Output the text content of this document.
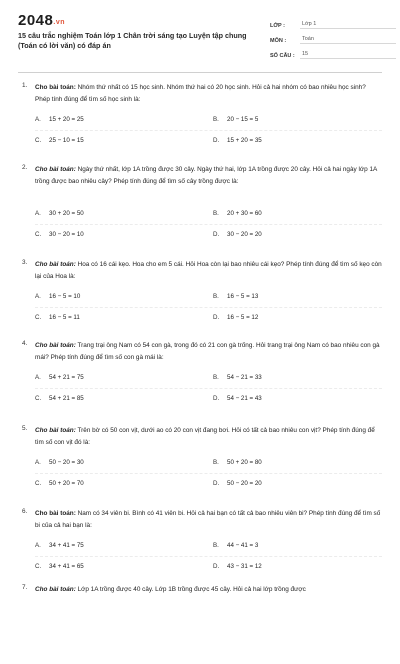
2048.vn
15 câu trắc nghiệm Toán lớp 1 Chân trời sáng tạo Luyện tập chung (Toán có lời văn) có đáp án
LỚP :	Lớp 1
MÔN :	Toán
SỐ CÂU :	15
1. Cho bài toán: Nhóm thứ nhất có 15 học sinh. Nhóm thứ hai có 20 học sinh. Hỏi cả hai nhóm có bao nhiêu học sinh? Phép tính đúng để tìm số học sinh là:
A. 15 + 20 = 25	B. 20 − 15 = 5
C. 25 − 10 = 15	D. 15 + 20 = 35
2. Cho bài toán: Ngày thứ nhất, lớp 1A trồng được 30 cây. Ngày thứ hai, lớp 1A trồng được 20 cây. Hỏi cả hai ngày lớp 1A trồng được bao nhiêu cây? Phép tính đúng để tìm số cây trồng được là:
A. 30 + 20 = 50	B. 20 + 30 = 60
C. 30 − 20 = 10	D. 30 − 20 = 20
3. Cho bài toán: Hoa có 16 cái kẹo. Hoa cho em 5 cái. Hỏi Hoa còn lại bao nhiêu cái kẹo? Phép tính đúng để tìm số kẹo còn lại của Hoa là:
A. 16 − 5 = 10	B. 16 − 5 = 13
C. 16 − 5 = 11	D. 16 − 5 = 12
4. Cho bài toán: Trang trại ông Nam có 54 con gà, trong đó có 21 con gà trống. Hỏi trang trại ông Nam có bao nhiêu con gà mái? Phép tính đúng để tìm số con gà mái là:
A. 54 + 21 = 75	B. 54 − 21 = 33
C. 54 + 21 = 85	D. 54 − 21 = 43
5. Cho bài toán: Trên bờ có 50 con vịt, dưới ao có 20 con vịt đang bơi. Hỏi có tất cả bao nhiêu con vịt? Phép tính đúng để tìm số con vịt đó là:
A. 50 − 20 = 30	B. 50 + 20 = 80
C. 50 + 20 = 70	D. 50 − 20 = 20
6. Cho bài toán: Nam có 34 viên bi. Bình có 41 viên bi. Hỏi cả hai bạn có tất cả bao nhiêu viên bi? Phép tính đúng để tìm số bi của cả hai bạn là:
A. 34 + 41 = 75	B. 44 − 41 = 3
C. 34 + 41 = 65	D. 43 − 31 = 12
7. Cho bài toán: Lớp 1A trồng được 40 cây. Lớp 1B trồng được 45 cây. Hỏi cả hai lớp trồng được
